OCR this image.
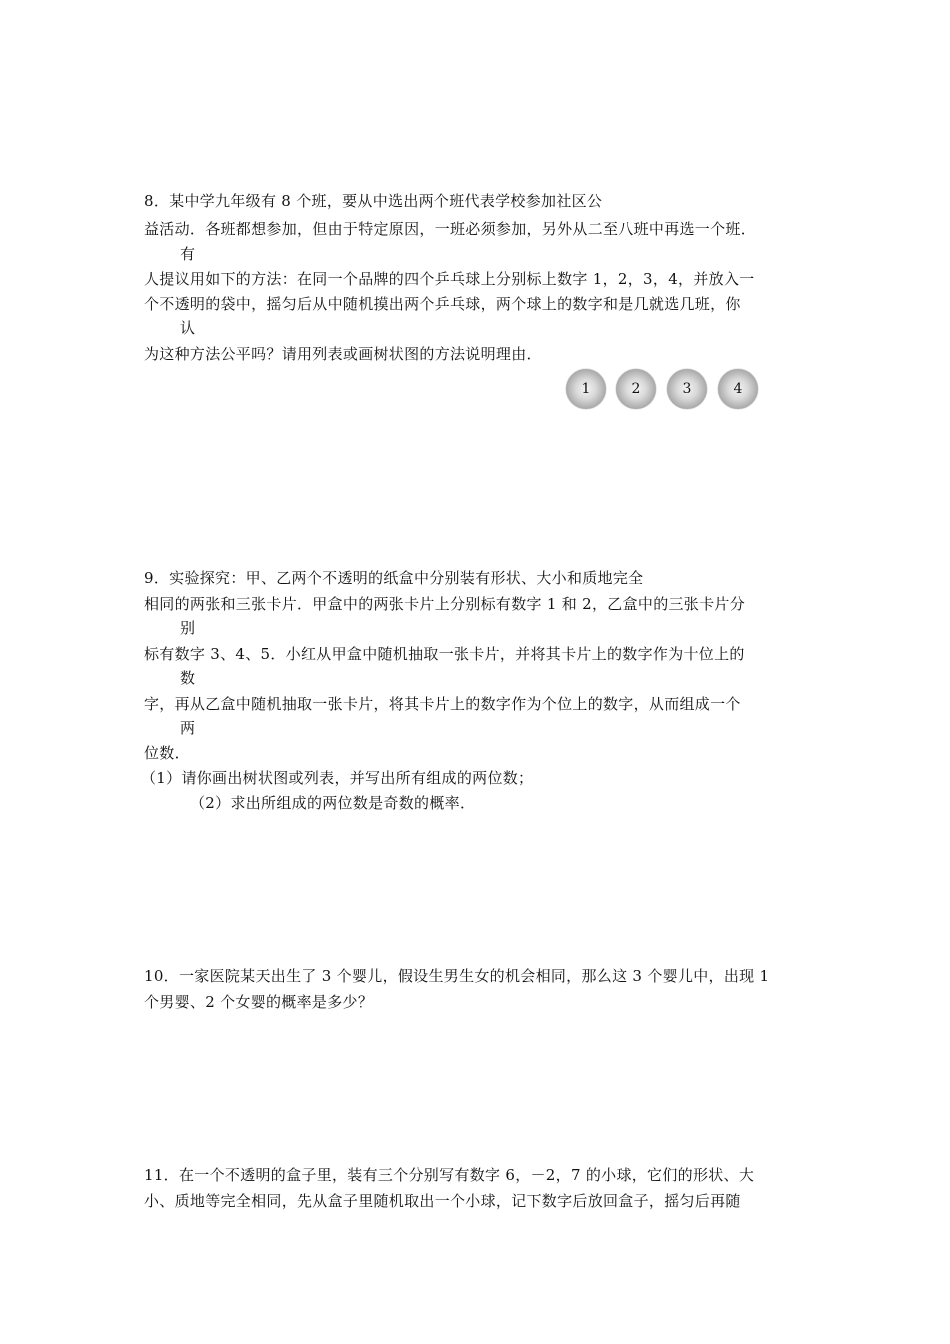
8．某中学九年级有 8 个班，要从中选出两个班代表学校参加社区公
益活动．各班都想参加，但由于特定原因，一班必须参加，另外从二至八班中再选一个班．
有
人提议用如下的方法：在同一个品牌的四个乒乓球上分别标上数字 1，2，3，4，并放入一
个不透明的袋中，摇匀后从中随机摸出两个乒乓球，两个球上的数字和是几就选几班，你
认
为这种方法公平吗？请用列表或画树状图的方法说明理由．
1	2	3	4
9．实验探究：甲、乙两个不透明的纸盒中分别装有形状、大小和质地完全
相同的两张和三张卡片．甲盒中的两张卡片上分别标有数字 1 和 2，乙盒中的三张卡片分
别
标有数字 3、4、5．小红从甲盒中随机抽取一张卡片，并将其卡片上的数字作为十位上的
数
字，再从乙盒中随机抽取一张卡片，将其卡片上的数字作为个位上的数字，从而组成一个
两
位数．
（1）请你画出树状图或列表，并写出所有组成的两位数；
（2）求出所组成的两位数是奇数的概率．
10．一家医院某天出生了 3 个婴儿，假设生男生女的机会相同，那么这 3 个婴儿中，出现 1
个男婴、2 个女婴的概率是多少？
11．在一个不透明的盒子里，装有三个分别写有数字 6，－2，7 的小球，它们的形状、大
小、质地等完全相同，先从盒子里随机取出一个小球，记下数字后放回盒子，摇匀后再随
